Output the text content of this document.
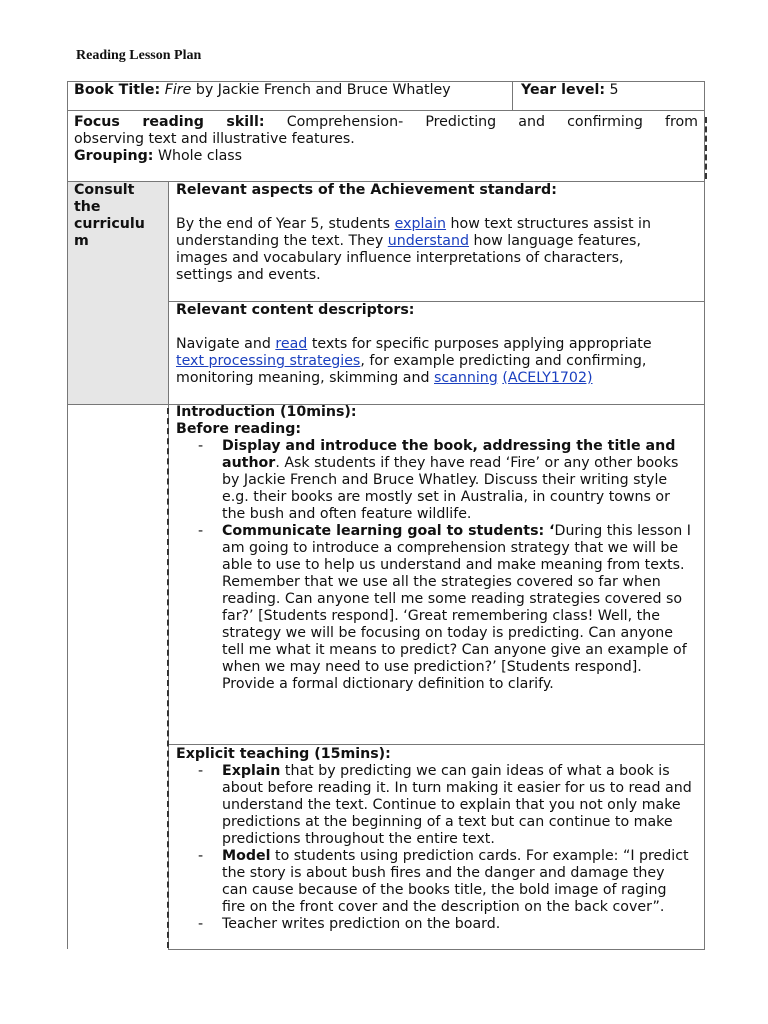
Reading Lesson Plan
Book Title: Fire by Jackie French and Bruce Whatley	Year level: 5
Focus reading skill: Comprehension- Predicting and confirming from
observing text and illustrative features.
Grouping: Whole class
Consult
the
curriculu
m
Relevant aspects of the Achievement standard:
By the end of Year 5, students explain how text structures assist in
understanding the text. They understand how language features,
images and vocabulary influence interpretations of characters,
settings and events.
Relevant content descriptors:
Navigate and read texts for specific purposes applying appropriate
text processing strategies, for example predicting and confirming,
monitoring meaning, skimming and scanning (ACELY1702)
Introduction (10mins):
Before reading:
- Display and introduce the book, addressing the title and author. Ask students if they have read ‘Fire’ or any other books by Jackie French and Bruce Whatley. Discuss their writing style e.g. their books are mostly set in Australia, in country towns or the bush and often feature wildlife.
- Communicate learning goal to students: ‘During this lesson I am going to introduce a comprehension strategy that we will be able to use to help us understand and make meaning from texts. Remember that we use all the strategies covered so far when reading. Can anyone tell me some reading strategies covered so far?’ [Students respond]. ‘Great remembering class! Well, the strategy we will be focusing on today is predicting. Can anyone tell me what it means to predict? Can anyone give an example of when we may need to use prediction?’ [Students respond]. Provide a formal dictionary definition to clarify.
Explicit teaching (15mins):
- Explain that by predicting we can gain ideas of what a book is about before reading it. In turn making it easier for us to read and understand the text. Continue to explain that you not only make predictions at the beginning of a text but can continue to make predictions throughout the entire text.
- Model to students using prediction cards. For example: “I predict the story is about bush fires and the danger and damage they can cause because of the books title, the bold image of raging fire on the front cover and the description on the back cover”.
- Teacher writes prediction on the board.
